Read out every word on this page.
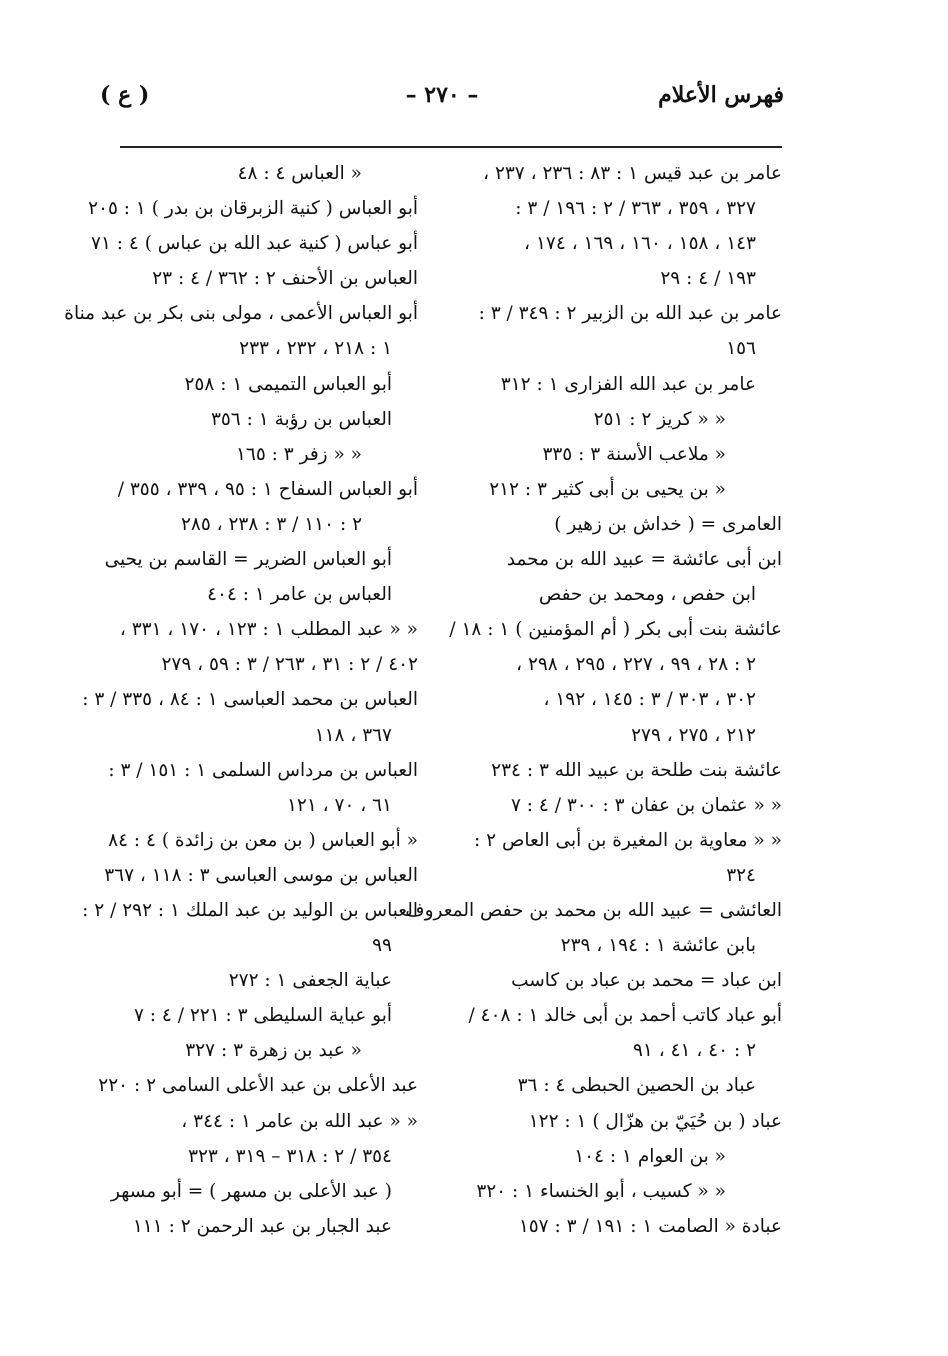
فهرس الأعلام
– ٢٧٠ –
( ع )
عامر بن عبد قيس ١ : ٨٣ : ٢٣٦ ، ٢٣٧ ،
٣٢٧ ، ٣٥٩ ، ٣٦٣ / ٢ : ١٩٦ / ٣ :
١٤٣ ، ١٥٨ ، ١٦٠ ، ١٦٩ ، ١٧٤ ،
١٩٣ / ٤ : ٢٩
عامر بن عبد الله بن الزبير ٢ : ٣٤٩ / ٣ :
١٥٦
عامر بن عبد الله الفزارى ١ : ٣١٢
« « كريز ٢ : ٢٥١
« ملاعب الأسنة ٣ : ٣٣٥
« بن يحيى بن أبى كثير ٣ : ٢١٢
العامرى = ( خداش بن زهير )
ابن أبى عائشة = عبيد الله بن محمد
ابن حفص ، ومحمد بن حفص
عائشة بنت أبى بكر ( أم المؤمنين ) ١ : ١٨ /
٢ : ٢٨ ، ٩٩ ، ٢٢٧ ، ٢٩٥ ، ٢٩٨ ،
٣٠٢ ، ٣٠٣ / ٣ : ١٤٥ ، ١٩٢ ،
٢١٢ ، ٢٧٥ ، ٢٧٩
عائشة بنت طلحة بن عبيد الله ٣ : ٢٣٤
« « عثمان بن عفان ٣ : ٣٠٠ / ٤ : ٧
« « معاوية بن المغيرة بن أبى العاص ٢ :
٣٢٤
العائشى = عبيد الله بن محمد بن حفص المعروف
بابن عائشة ١ : ١٩٤ ، ٢٣٩
ابن عباد = محمد بن عباد بن كاسب
أبو عباد كاتب أحمد بن أبى خالد ١ : ٤٠٨ /
٢ : ٤٠ ، ٤١ ، ٩١
عباد بن الحصين الحبطى ٤ : ٣٦
عباد ( بن حُيَيّ بن هزّال ) ١ : ١٢٢
« بن العوام ١ : ١٠٤
« « كسيب ، أبو الخنساء ١ : ٣٢٠
عبادة « الصامت ١ : ١٩١ / ٣ : ١٥٧
« العباس ٤ : ٤٨
أبو العباس ( كنية الزبرقان بن بدر ) ١ : ٢٠٥
أبو عباس ( كنية عبد الله بن عباس ) ٤ : ٧١
العباس بن الأحنف ٢ : ٣٦٢ / ٤ : ٢٣
أبو العباس الأعمى ، مولى بنى بكر بن عبد مناة
١ : ٢١٨ ، ٢٣٢ ، ٢٣٣
أبو العباس التميمى ١ : ٢٥٨
العباس بن رؤبة ١ : ٣٥٦
« « زفر ٣ : ١٦٥
أبو العباس السفاح ١ : ٩٥ ، ٣٣٩ ، ٣٥٥ /
٢ : ١١٠ / ٣ : ٢٣٨ ، ٢٨٥
أبو العباس الضرير = القاسم بن يحيى
العباس بن عامر ١ : ٤٠٤
« « عبد المطلب ١ : ١٢٣ ، ١٧٠ ، ٣٣١ ،
٤٠٢ / ٢ : ٣١ ، ٢٦٣ / ٣ : ٥٩ ، ٢٧٩
العباس بن محمد العباسى ١ : ٨٤ ، ٣٣٥ / ٣ :
٣٦٧ ، ١١٨
العباس بن مرداس السلمى ١ : ١٥١ / ٣ :
٦١ ، ٧٠ ، ١٢١
« أبو العباس ( بن معن بن زائدة ) ٤ : ٨٤
العباس بن موسى العباسى ٣ : ١١٨ ، ٣٦٧
العباس بن الوليد بن عبد الملك ١ : ٢٩٢ / ٢ :
٩٩
عباية الجعفى ١ : ٢٧٢
أبو عباية السليطى ٣ : ٢٢١ / ٤ : ٧
« عبد بن زهرة ٣ : ٣٢٧
عبد الأعلى بن عبد الأعلى السامى ٢ : ٢٢٠
« « عبد الله بن عامر ١ : ٣٤٤ ،
٣٥٤ / ٢ : ٣١٨ – ٣١٩ ، ٣٢٣
( عبد الأعلى بن مسهر ) = أبو مسهر
عبد الجبار بن عبد الرحمن ٢ : ١١١
